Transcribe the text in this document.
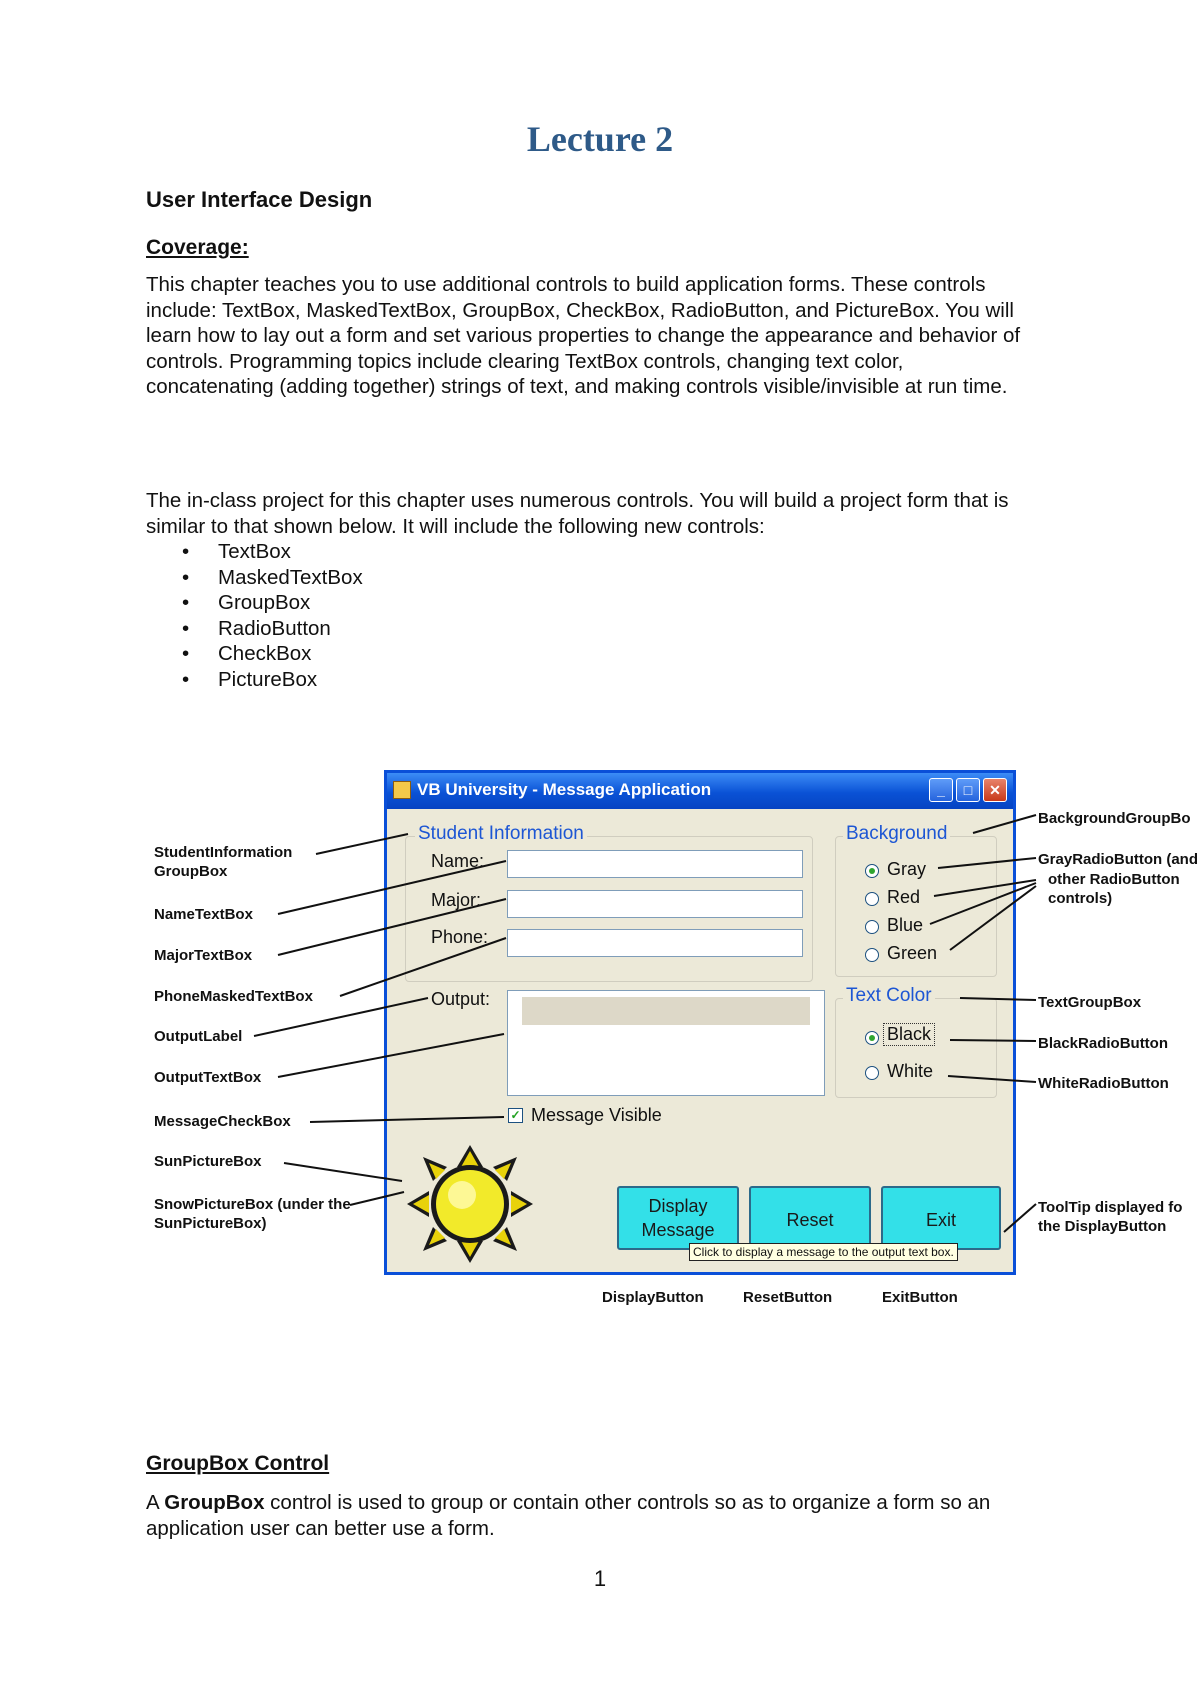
Lecture 2
User Interface Design
Coverage:
This chapter teaches you to use additional controls to build application forms. These controls include: TextBox, MaskedTextBox, GroupBox, CheckBox, RadioButton, and PictureBox. You will learn how to lay out a form and set various properties to change the appearance and behavior of controls. Programming topics include clearing TextBox controls, changing text color, concatenating (adding together) strings of text, and making controls visible/invisible at run time.
The in-class project for this chapter uses numerous controls. You will build a project form that is similar to that shown below. It will include the following new controls:
• TextBox
• MaskedTextBox
• GroupBox
• RadioButton
• CheckBox
• PictureBox
VB University - Message Application	_	□	✕
Student Information
Name:
Major:
Phone:
Output:
Background
Gray
Red
Blue
Green
Text Color
Black
White
✓ Message Visible
Display Message	Reset	Exit
Click to display a message to the output text box.
StudentInformation GroupBox
NameTextBox
MajorTextBox
PhoneMaskedTextBox
OutputLabel
OutputTextBox
MessageCheckBox
SunPictureBox
SnowPictureBox (under the SunPictureBox)
BackgroundGroupBo
GrayRadioButton (and
other RadioButton controls)
TextGroupBox
BlackRadioButton
WhiteRadioButton
ToolTip displayed fo the DisplayButton
DisplayButton	ResetButton	ExitButton
GroupBox Control
A GroupBox control is used to group or contain other controls so as to organize a form so an application user can better use a form.
1
